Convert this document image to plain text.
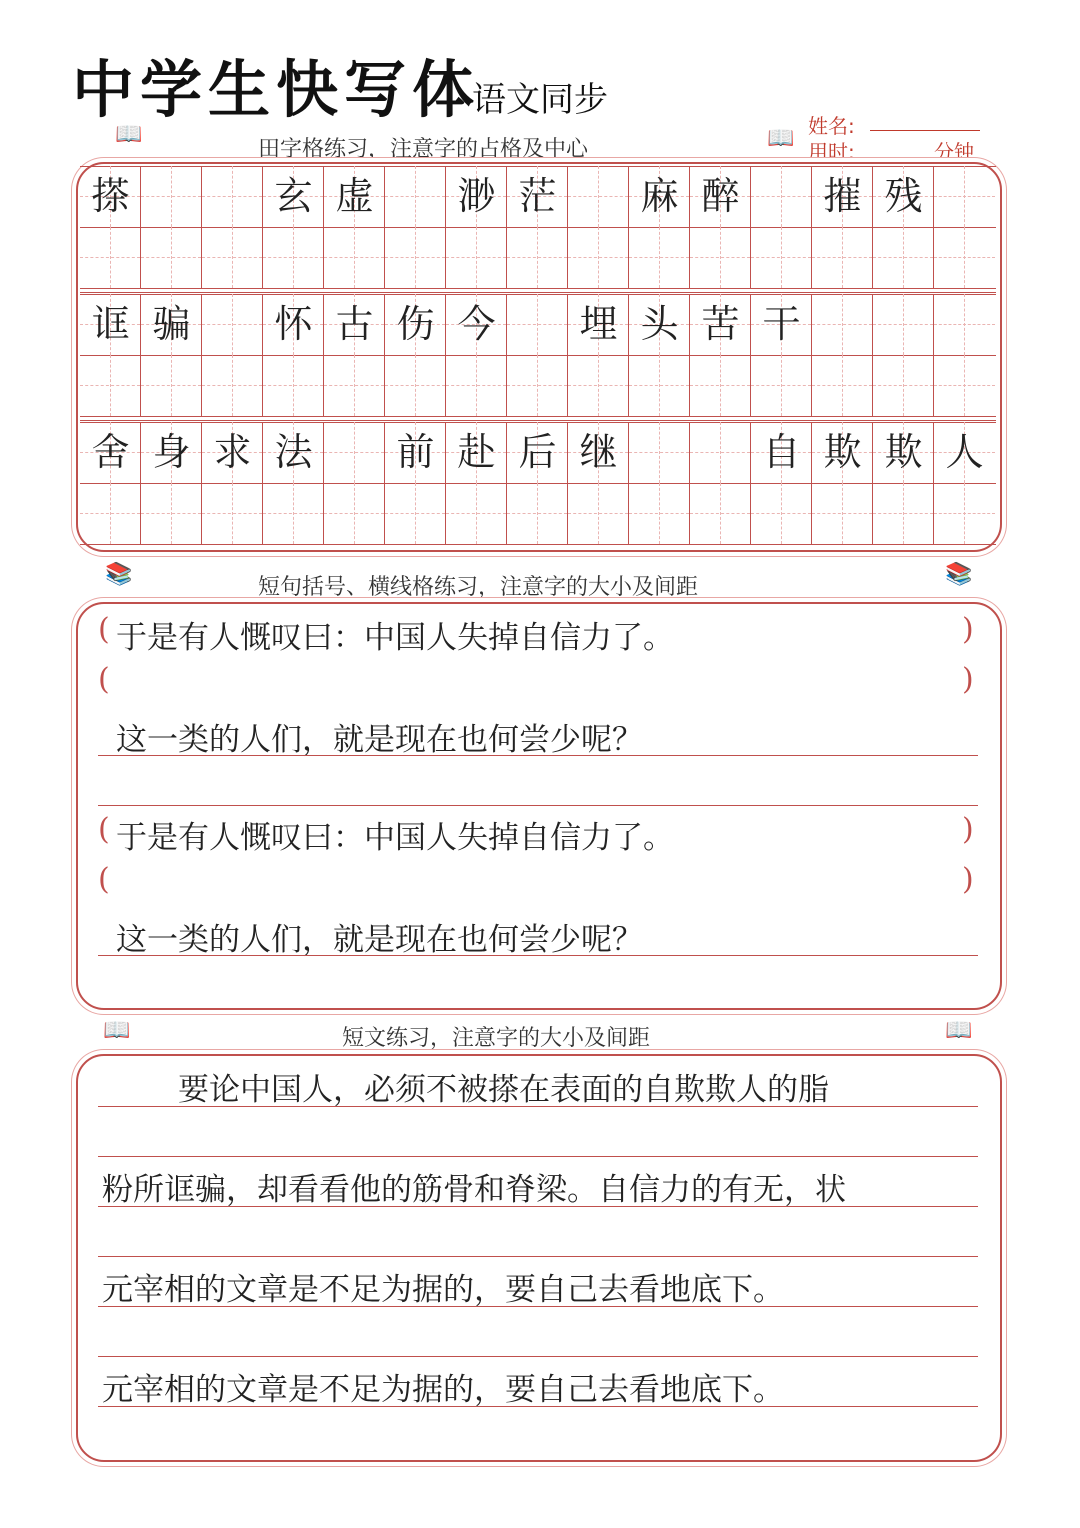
中学生快写体
语文同步
姓名:
用时:	分钟
📖	📖
📚	📚
📖	📖
田字格练习，注意字的占格及中心
短句括号、横线格练习，注意字的大小及间距
短文练习，注意字的大小及间距
搽	玄 虚	渺 茫	麻 醉	摧 残
诓 骗	怀 古 伤 今	埋 头 苦 干
舍 身 求 法	前 赴 后 继	自 欺 欺 人
(	)
于是有人慨叹曰：中国人失掉自信力了。
(	)
这一类的人们，就是现在也何尝少呢？
(	)
于是有人慨叹曰：中国人失掉自信力了。
(	)
这一类的人们，就是现在也何尝少呢？
要论中国人，必须不被搽在表面的自欺欺人的脂
粉所诓骗，却看看他的筋骨和脊梁。自信力的有无，状
元宰相的文章是不足为据的，要自己去看地底下。
元宰相的文章是不足为据的，要自己去看地底下。
